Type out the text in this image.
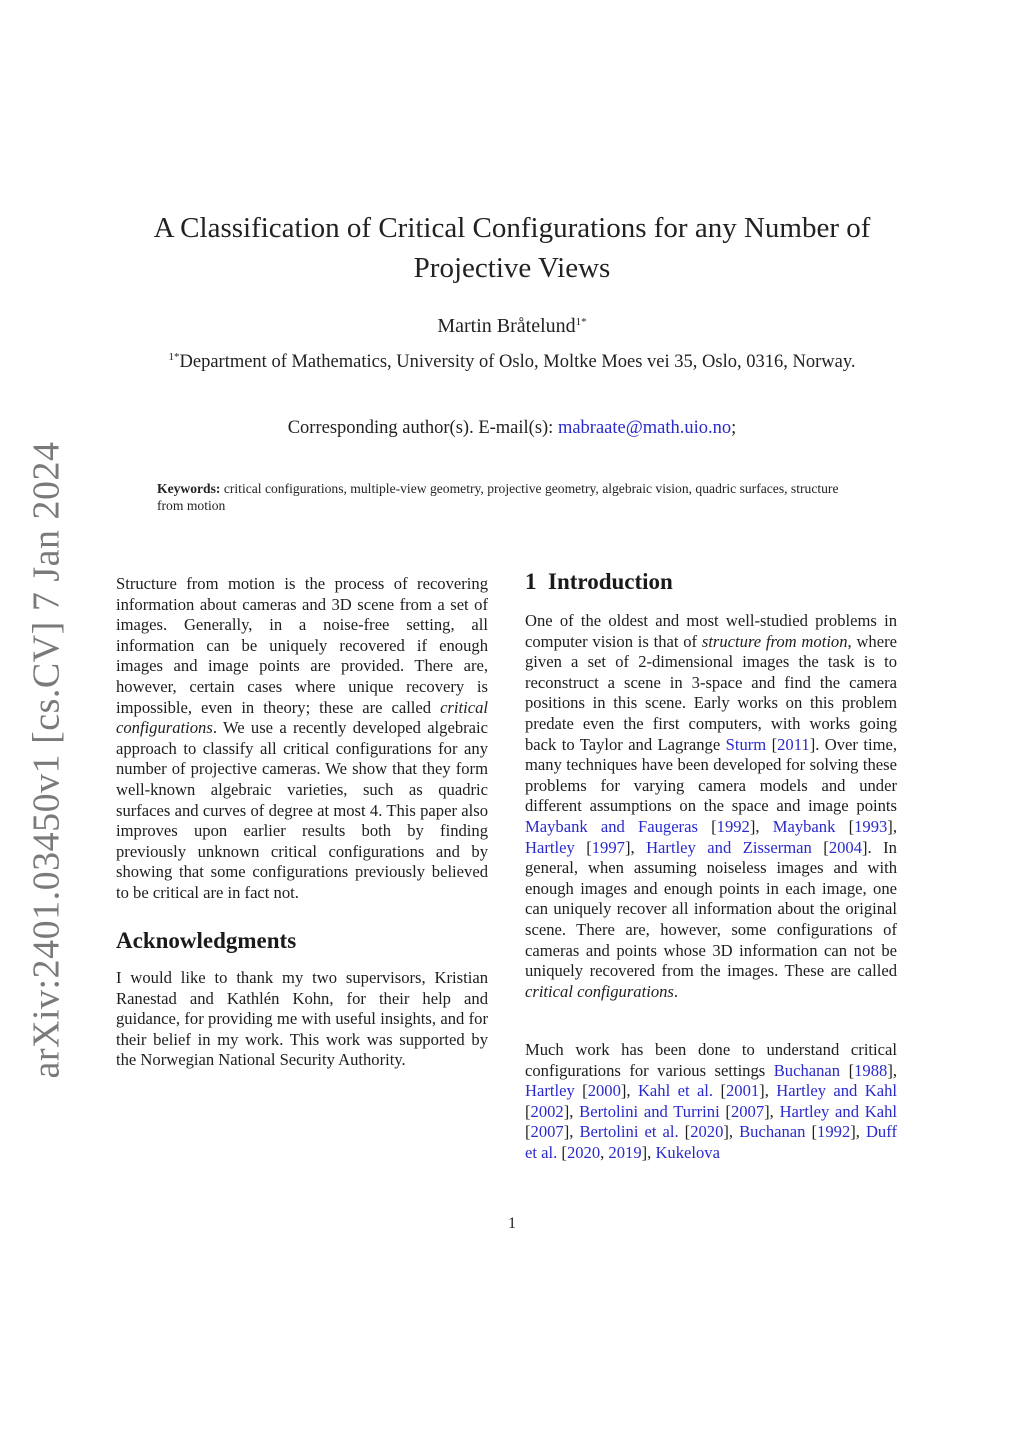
arXiv:2401.03450v1 [cs.CV] 7 Jan 2024
A Classification of Critical Configurations for any Number of Projective Views
Martin Bråtelund$^{1*}$
$^{1*}$Department of Mathematics, University of Oslo, Moltke Moes vei 35, Oslo, 0316, Norway.
Corresponding author(s). E-mail(s): mabraate@math.uio.no;
Keywords: critical configurations, multiple-view geometry, projective geometry, algebraic vision, quadric surfaces, structure from motion

Structure from motion is the process of recovering information about cameras and 3D scene from a set of images. Generally, in a noise-free setting, all information can be uniquely recovered if enough images and image points are provided. There are, however, certain cases where unique recovery is impossible, even in theory; these are called critical configurations. We use a recently developed algebraic approach to classify all critical configurations for any number of projective cameras. We show that they form well-known algebraic varieties, such as quadric surfaces and curves of degree at most 4. This paper also improves upon earlier results both by finding previously unknown critical configurations and by showing that some configurations previously believed to be critical are in fact not.

Acknowledgments

I would like to thank my two supervisors, Kristian Ranestad and Kathlén Kohn, for their help and guidance, for providing me with useful insights, and for their belief in my work. This work was supported by the Norwegian National Security Authority.

1 Introduction

One of the oldest and most well-studied problems in computer vision is that of structure from motion, where given a set of 2-dimensional images the task is to reconstruct a scene in 3-space and find the camera positions in this scene. Early works on this problem predate even the first computers, with works going back to Taylor and Lagrange Sturm [2011]. Over time, many techniques have been developed for solving these problems for varying camera models and under different assumptions on the space and image points Maybank and Faugeras [1992], Maybank [1993], Hartley [1997], Hartley and Zisserman [2004]. In general, when assuming noiseless images and with enough images and enough points in each image, one can uniquely recover all information about the original scene. There are, however, some configurations of cameras and points whose 3D information can not be uniquely recovered from the images. These are called critical configurations.

Much work has been done to understand critical configurations for various settings Buchanan [1988], Hartley [2000], Kahl et al. [2001], Hartley and Kahl [2002], Bertolini and Turrini [2007], Hartley and Kahl [2007], Bertolini et al. [2020], Buchanan [1992], Duff et al. [2020, 2019], Kukelova

1
